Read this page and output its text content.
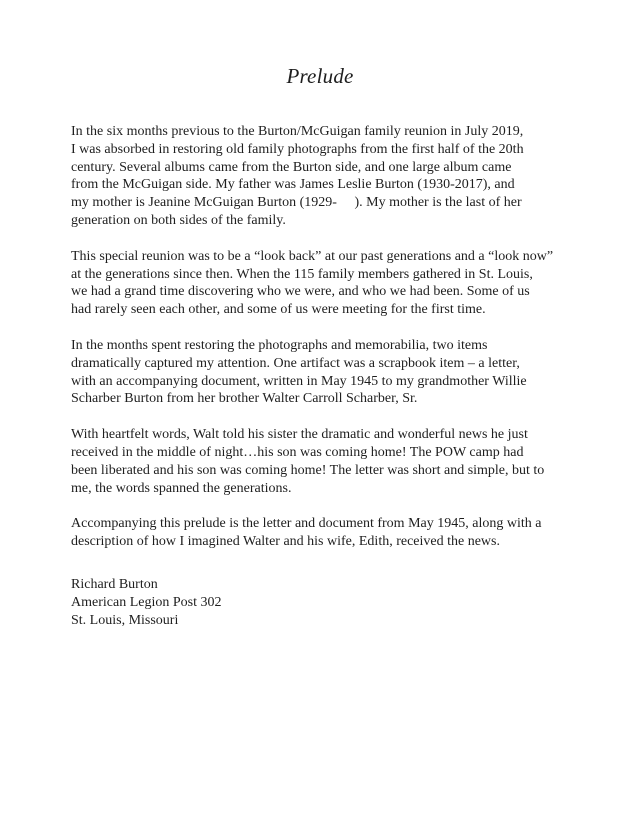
Prelude

In the six months previous to the Burton/McGuigan family reunion in July 2019,
I was absorbed in restoring old family photographs from the first half of the 20th
century. Several albums came from the Burton side, and one large album came
from the McGuigan side. My father was James Leslie Burton (1930-2017), and
my mother is Jeanine McGuigan Burton (1929-     ). My mother is the last of her
generation on both sides of the family.

This special reunion was to be a “look back” at our past generations and a “look now”
at the generations since then. When the 115 family members gathered in St. Louis,
we had a grand time discovering who we were, and who we had been. Some of us
had rarely seen each other, and some of us were meeting for the first time.

In the months spent restoring the photographs and memorabilia, two items
dramatically captured my attention. One artifact was a scrapbook item – a letter,
with an accompanying document, written in May 1945 to my grandmother Willie
Scharber Burton from her brother Walter Carroll Scharber, Sr.

With heartfelt words, Walt told his sister the dramatic and wonderful news he just
received in the middle of night…his son was coming home! The POW camp had
been liberated and his son was coming home! The letter was short and simple, but to
me, the words spanned the generations.

Accompanying this prelude is the letter and document from May 1945, along with a
description of how I imagined Walter and his wife, Edith, received the news.

Richard Burton
American Legion Post 302
St. Louis, Missouri
